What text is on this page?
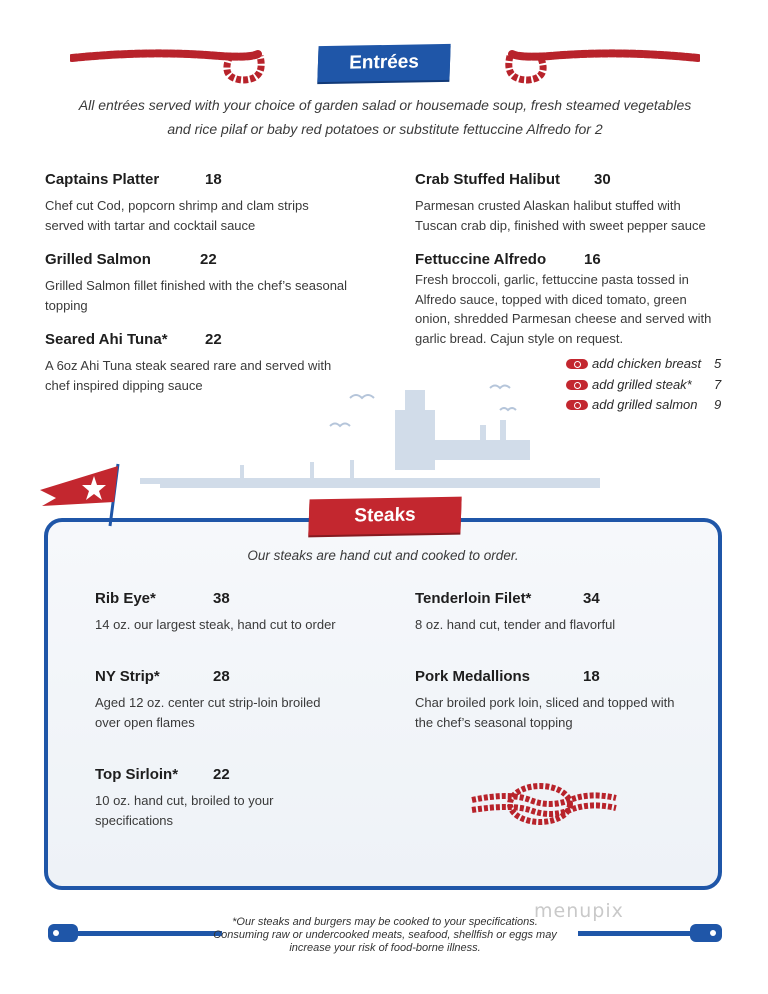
Entrées
All entrées served with your choice of garden salad or housemade soup, fresh steamed vegetables
and rice pilaf or baby red potatoes or substitute fettuccine Alfredo for 2
Captains Platter	18
Chef cut Cod, popcorn shrimp and clam strips
served with tartar and cocktail sauce
Grilled Salmon	22
Grilled Salmon fillet finished with the chef’s seasonal
topping
Seared Ahi Tuna*	22
A 6oz Ahi Tuna steak seared rare and served with
chef inspired dipping sauce
Crab Stuffed Halibut	30
Parmesan crusted Alaskan halibut stuffed with
Tuscan crab dip, finished with sweet pepper sauce
Fettuccine Alfredo	16
Fresh broccoli, garlic, fettuccine pasta tossed in
Alfredo sauce, topped with diced tomato, green
onion, shredded Parmesan cheese and served with
garlic bread. Cajun style on request.
add chicken breast 5
add grilled steak* 7
add grilled salmon 9
Steaks
Our steaks are hand cut and cooked to order.
Rib Eye*	38
14 oz. our largest steak, hand cut to order
NY Strip*	28
Aged 12 oz. center cut strip-loin broiled
over open flames
Top Sirloin*	22
10 oz. hand cut, broiled to your
specifications
Tenderloin Filet*	34
8 oz. hand cut, tender and flavorful
Pork Medallions	18
Char broiled pork loin, sliced and topped with
the chef’s seasonal topping
*Our steaks and burgers may be cooked to your specifications.
Consuming raw or undercooked meats, seafood, shellfish or eggs may
increase your risk of food-borne illness.
menupix
